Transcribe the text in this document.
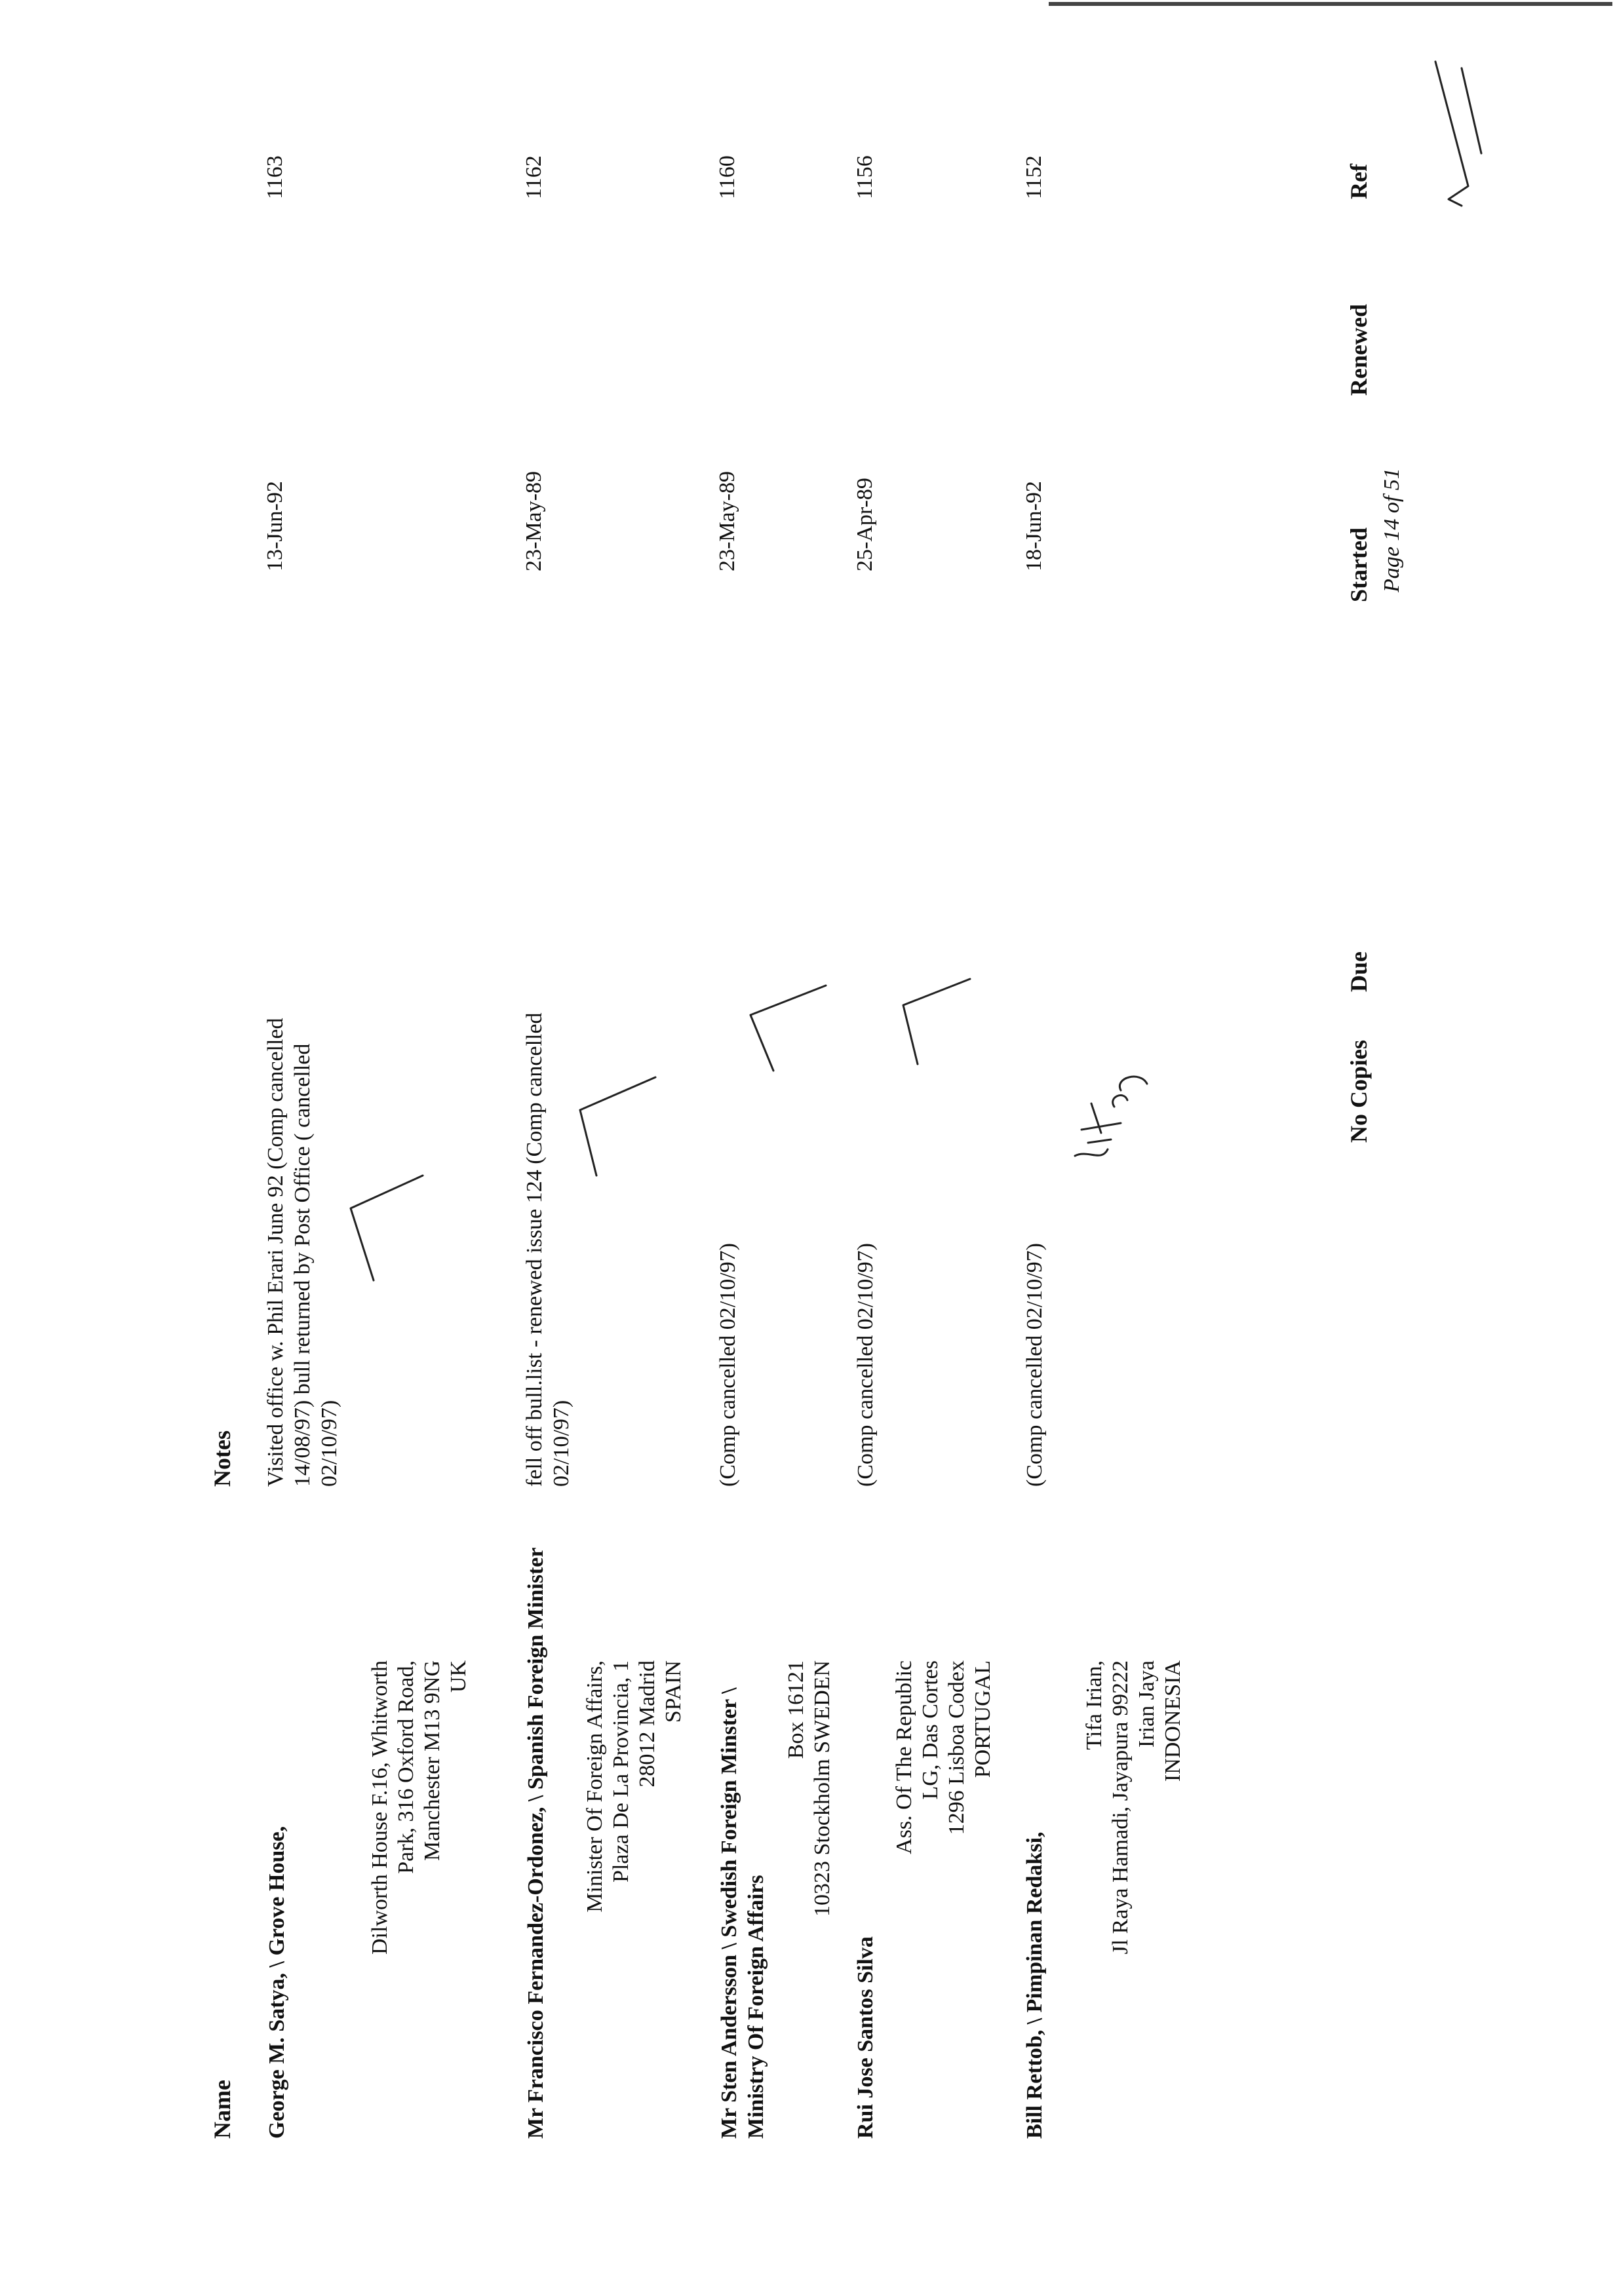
Name
Notes
No Copies
Due
Started
Renewed
Ref
George M. Satya, \ Grove House,
Dilworth House F.16, Whitworth Park, 316 Oxford Road, Manchester M13 9NG UK
Visited office w. Phil Erari June 92 (Comp cancelled 14/08/97) bull returned by Post Office ( cancelled 02/10/97)
Mr Francisco Fernandez-Ordonez, \ Spanish Foreign Minister Minister Of Foreign Affairs, Plaza De La Provincia, 1 28012 Madrid SPAIN
fell off bull.list - renewed issue 124 (Comp cancelled 02/10/97)
Mr Sten Andersson \ Swedish Foreign Minster \ Ministry Of Foreign Affairs
Box 16121 10323 Stockholm SWEDEN
(Comp cancelled 02/10/97)
Rui Jose Santos Silva
Ass. Of The Republic LG, Das Cortes 1296 Lisboa Codex PORTUGAL
(Comp cancelled 02/10/97)
Bill Rettob, \ Pimpinan Redaksi,
Tifa Irian, Jl Raya Hamadi, Jayapura 99222 Irian Jaya INDONESIA
(Comp cancelled 02/10/97)
Page 14 of 51
13-Jun-92
1163
23-May-89
1162
23-May-89
1160
25-Apr-89
1156
18-Jun-92
1152
